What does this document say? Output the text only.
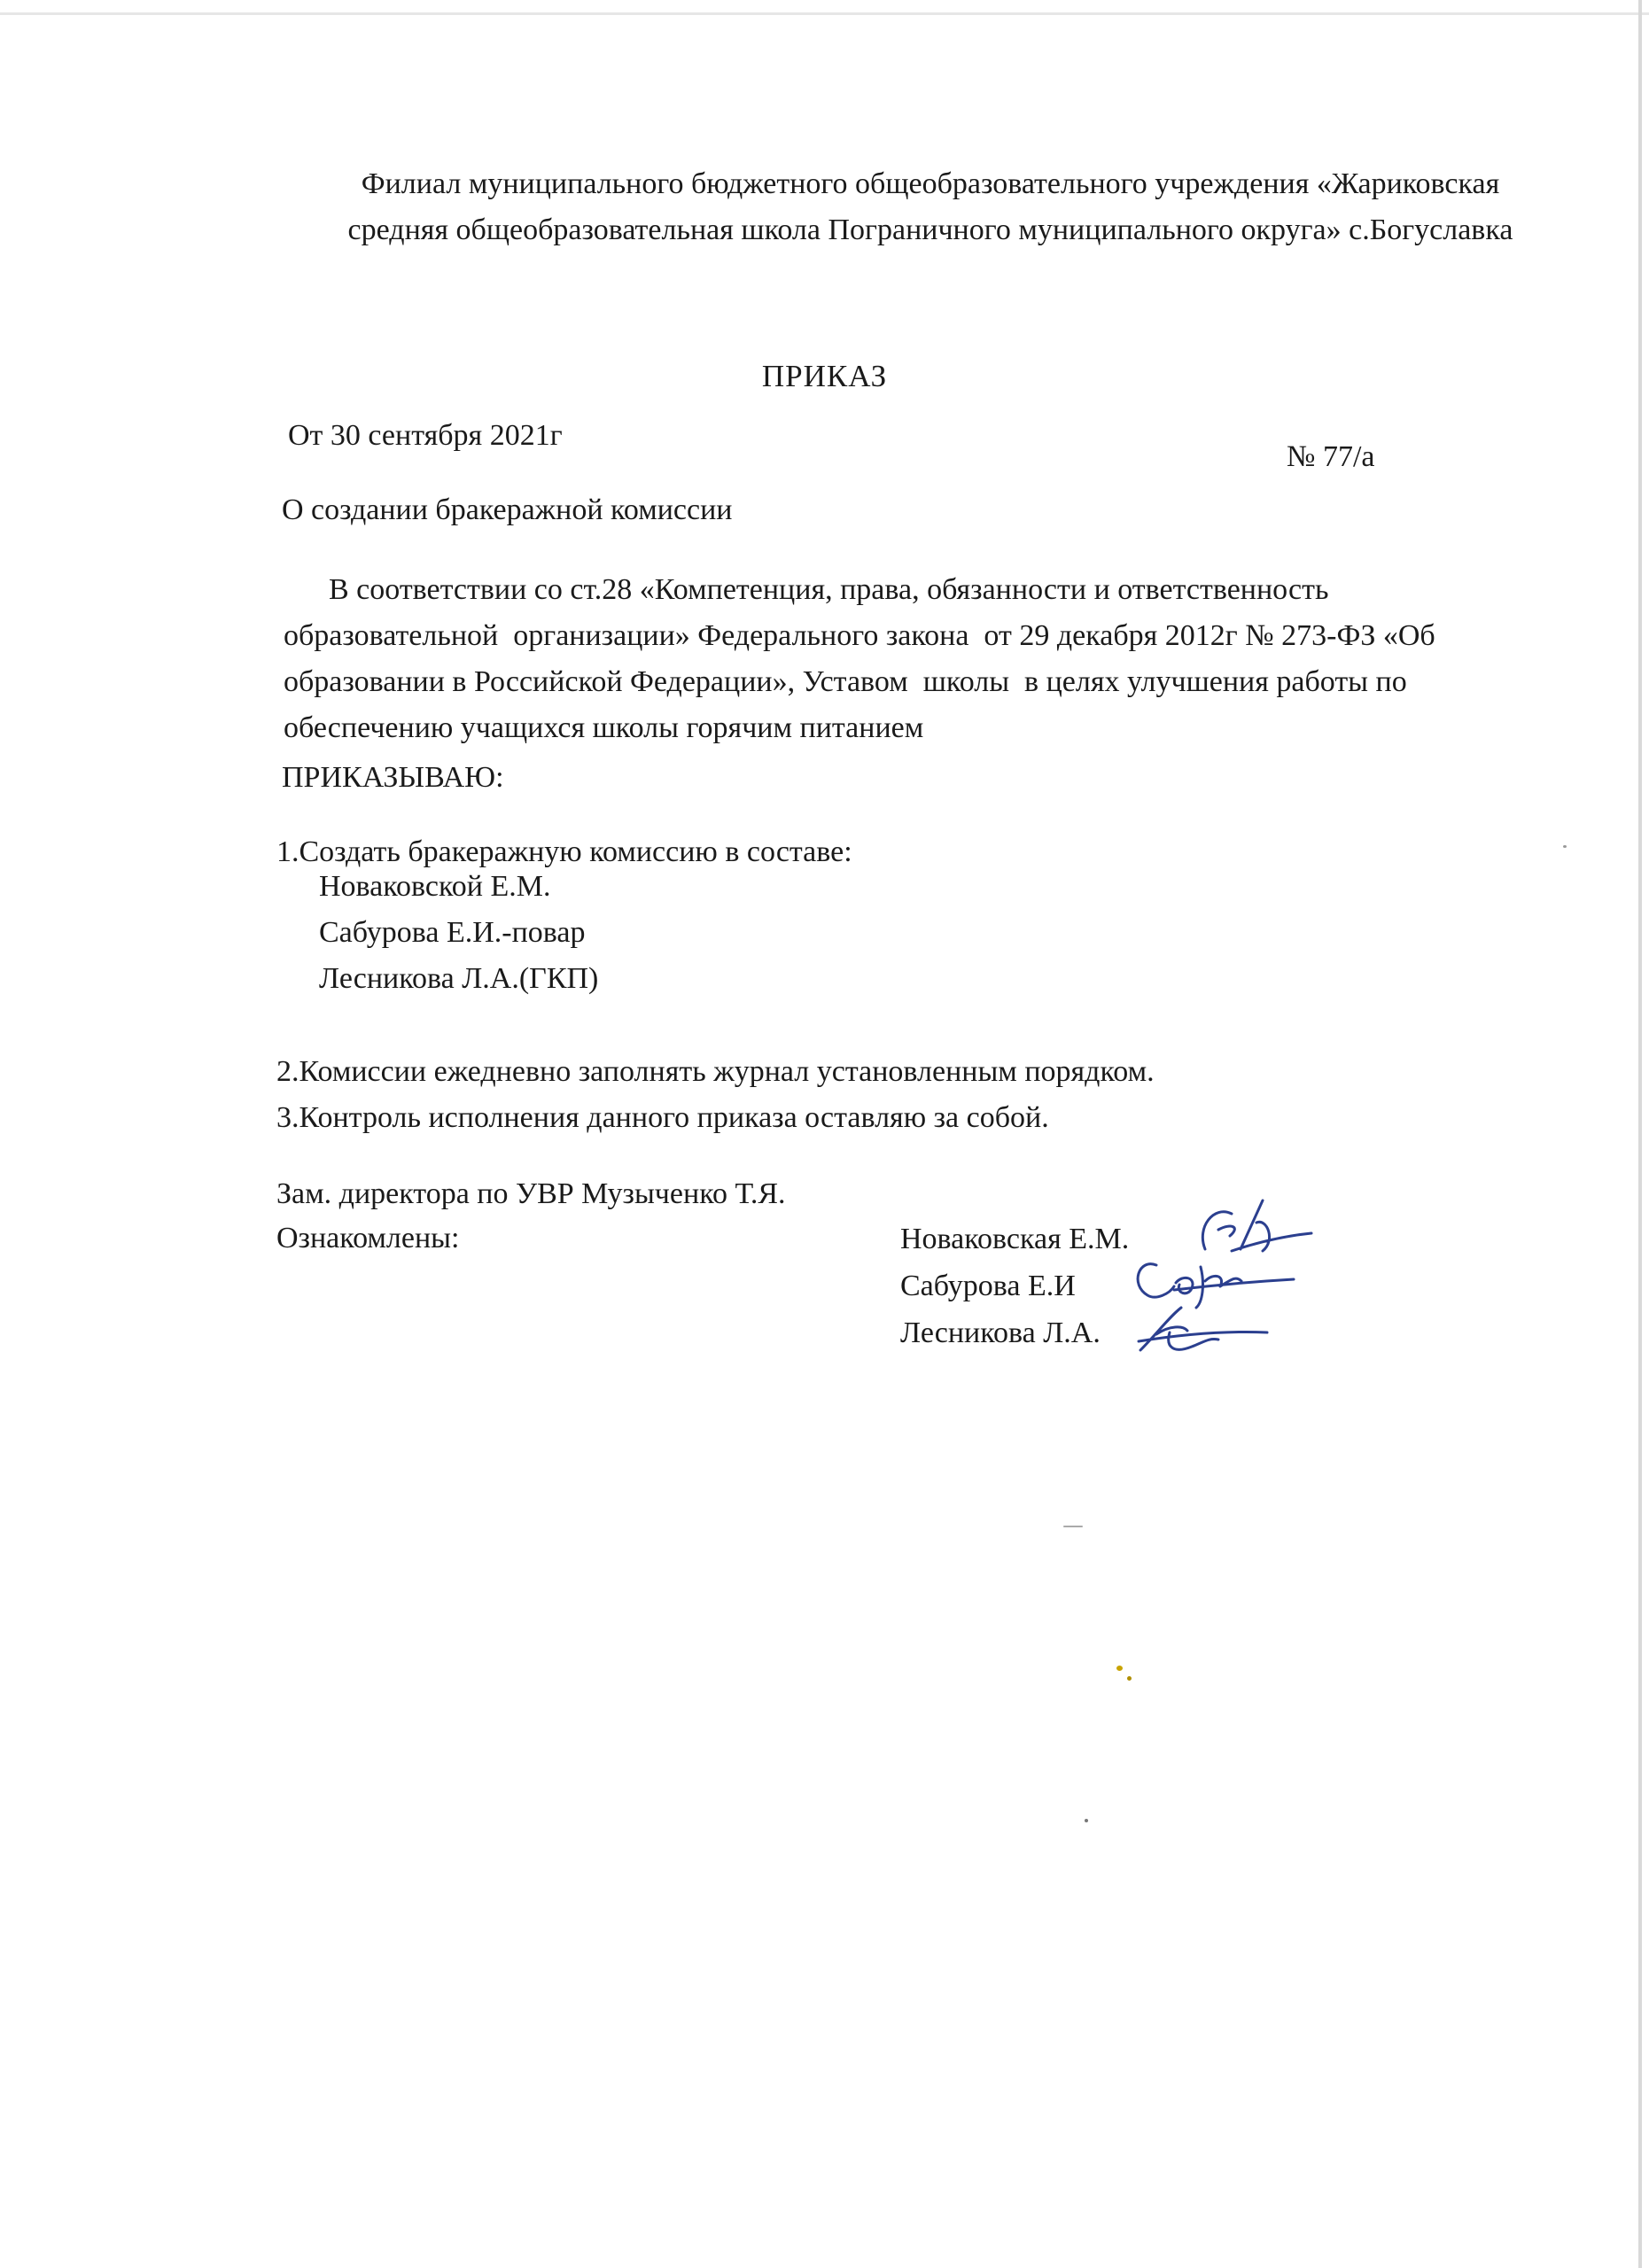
Филиал муниципального бюджетного общеобразовательного учреждения «Жариковская
средняя общеобразовательная школа Пограничного муниципального округа» с.Богуславка
ПРИКАЗ
От 30 сентября 2021г
№ 77/а
О создании бракеражной комиссии
В соответствии со ст.28 «Компетенция, права, обязанности и ответственность
образовательной  организации» Федерального закона  от 29 декабря 2012г № 273-ФЗ «Об
образовании в Российской Федерации», Уставом  школы  в целях улучшения работы по
обеспечению учащихся школы горячим питанием
ПРИКАЗЫВАЮ:
1.Создать бракеражную комиссию в составе:
Новаковской Е.М.
Сабурова Е.И.-повар
Лесникова Л.А.(ГКП)
2.Комиссии ежедневно заполнять журнал установленным порядком.
3.Контроль исполнения данного приказа оставляю за собой.
Зам. директора по УВР Музыченко Т.Я.
Ознакомлены:	Новаковская Е.М.
Сабурова Е.И
Лесникова Л.А.
